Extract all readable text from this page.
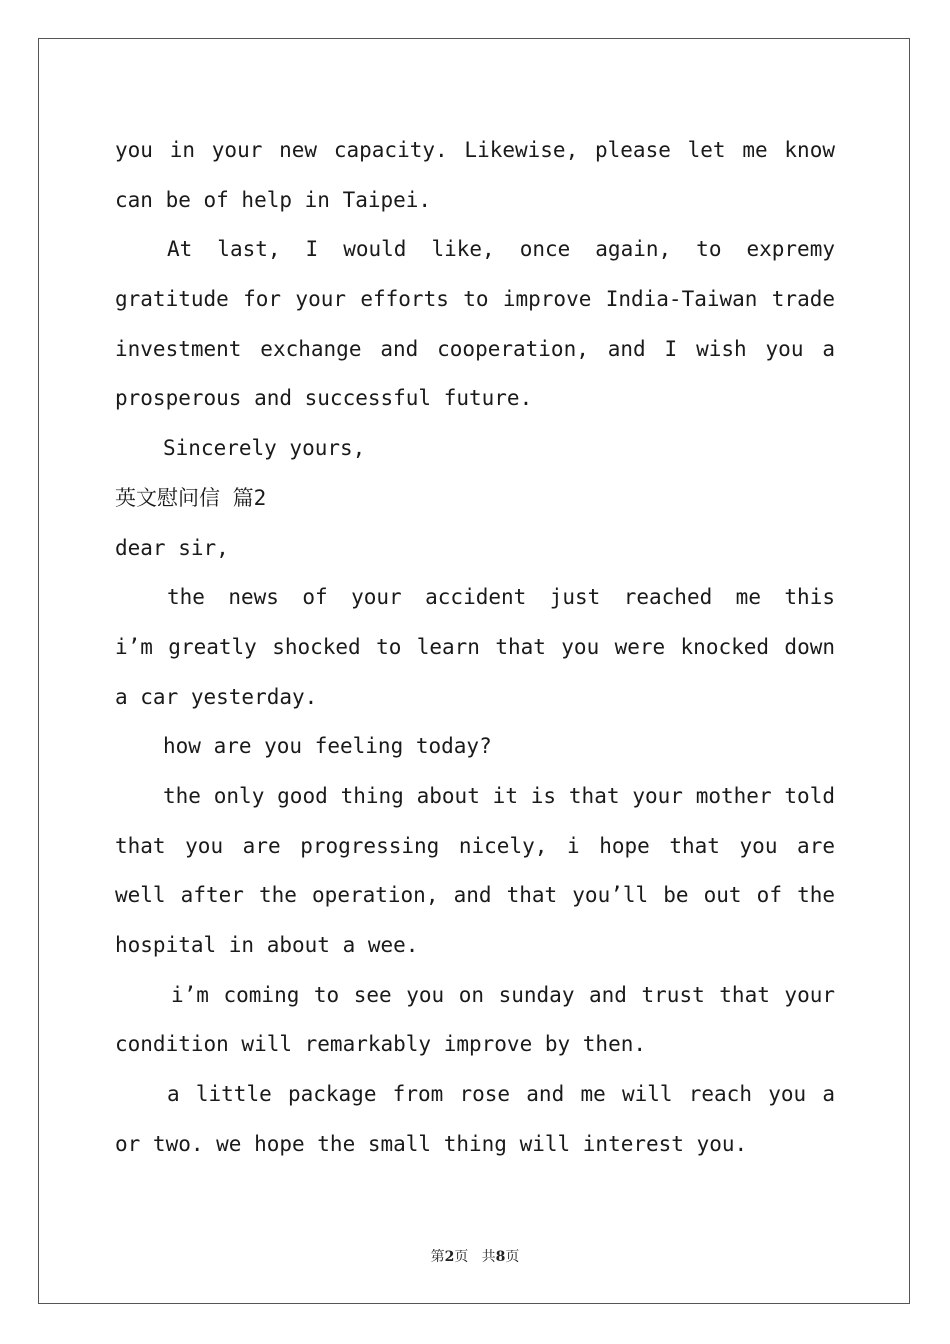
you in your new capacity. Likewise, please let me know
can be of help in Taipei.
At last, I would like, once again, to expremy
gratitude for your efforts to improve India-Taiwan trade
investment exchange and cooperation, and I wish you a
prosperous and successful future.
Sincerely yours,
英文慰问信 篇2
dear sir,
the news of your accident just reached me this
i’m greatly shocked to learn that you were knocked down
a car yesterday.
how are you feeling today?
the only good thing about it is that your mother told
that you are progressing nicely, i hope that you are
well after the operation, and that you’ll be out of the
hospital in about a wee.
i’m coming to see you on sunday and trust that your
condition will remarkably improve by then.
a little package from rose and me will reach you a
or two. we hope the small thing will interest you.
第2页 共8页
